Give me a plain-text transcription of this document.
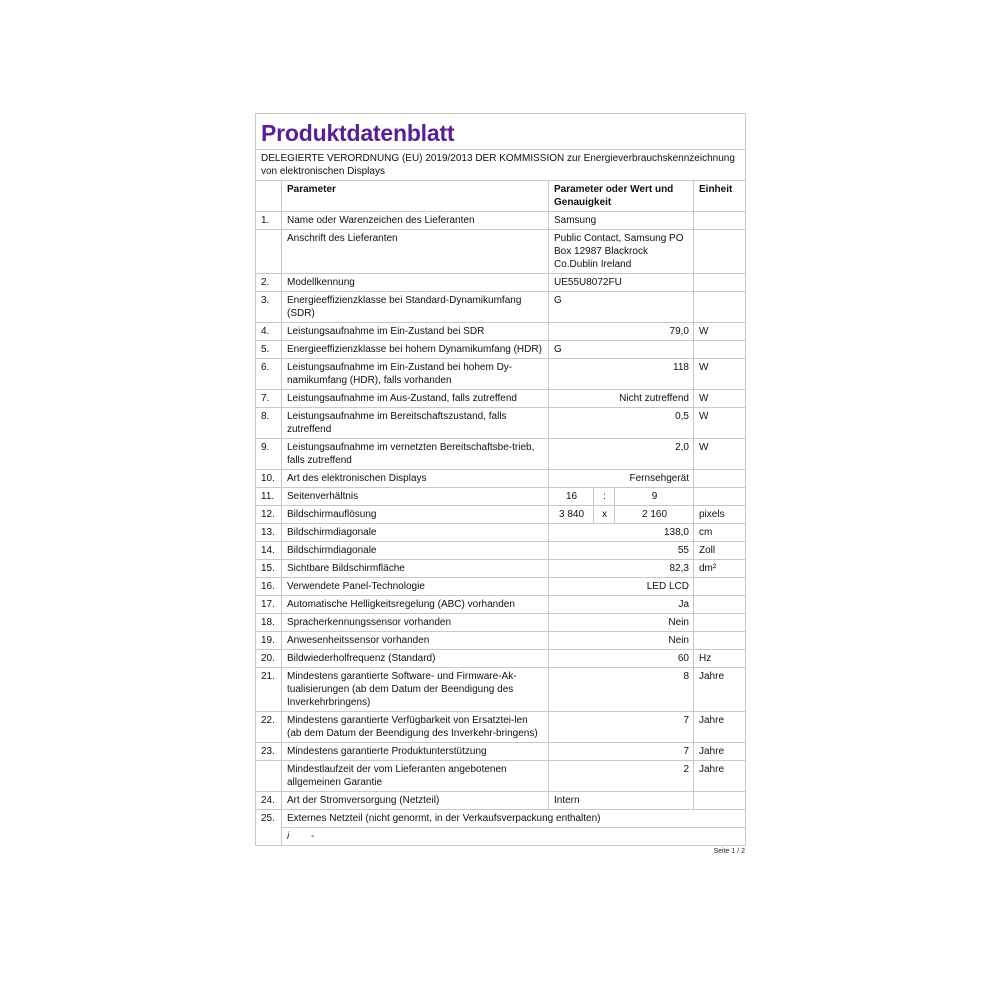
Produktdatenblatt					

DELEGIERTE VERORDNUNG (EU) 2019/2013 DER KOMMISSION zur Energieverbrauchskennzeichnung von elektronischen Displays					
	Parameter	Parameter oder Wert und Genauigkeit			Einheit
1.	Name oder Warenzeichen des Lieferanten	Samsung			
	Anschrift des Lieferanten	Public Contact, Samsung PO Box 12987 Blackrock Co.Dublin Ireland			
2.	Modellkennung	UE55U8072FU			
3.	Energieeffizienzklasse bei Standard-Dynamikumfang (SDR)	G			
4.	Leistungsaufnahme im Ein-Zustand bei SDR	79,0			W
5.	Energieeffizienzklasse bei hohem Dynamikumfang (HDR)	G			
6.	Leistungsaufnahme im Ein-Zustand bei hohem Dy-namikumfang (HDR), falls vorhanden	118			W
7.	Leistungsaufnahme im Aus-Zustand, falls zutreffend	Nicht zutreffend			W
8.	Leistungsaufnahme im Bereitschaftszustand, falls zutreffend	0,5			W
9.	Leistungsaufnahme im vernetzten Bereitschaftsbe-trieb, falls zutreffend	2,0			W
10.	Art des elektronischen Displays	Fernsehgerät			
11.	Seitenverhältnis	16	:	9	
12.	Bildschirmauflösung	3 840	x	2 160	pixels
13.	Bildschirmdiagonale	138,0			cm
14.	Bildschirmdiagonale	55			Zoll
15.	Sichtbare Bildschirmfläche	82,3			dm²
16.	Verwendete Panel-Technologie	LED LCD			
17.	Automatische Helligkeitsregelung (ABC) vorhanden	Ja			
18.	Spracherkennungssensor vorhanden	Nein			
19.	Anwesenheitssensor vorhanden	Nein			
20.	Bildwiederholfrequenz (Standard)	60			Hz
21.	Mindestens garantierte Software- und Firmware-Ak-tualisierungen (ab dem Datum der Beendigung des Inverkehrbringens)	8			Jahre
22.	Mindestens garantierte Verfügbarkeit von Ersatztei-len (ab dem Datum der Beendigung des Inverkehr-bringens)	7			Jahre
23.	Mindestens garantierte Produktunterstützung	7			Jahre
	Mindestlaufzeit der vom Lieferanten angebotenen allgemeinen Garantie	2			Jahre
24.	Art der Stromversorgung (Netzteil)	Intern			
25.	Externes Netzteil (nicht genormt, in der Verkaufsverpackung enthalten)				
	i -				
Seite 1 / 2
